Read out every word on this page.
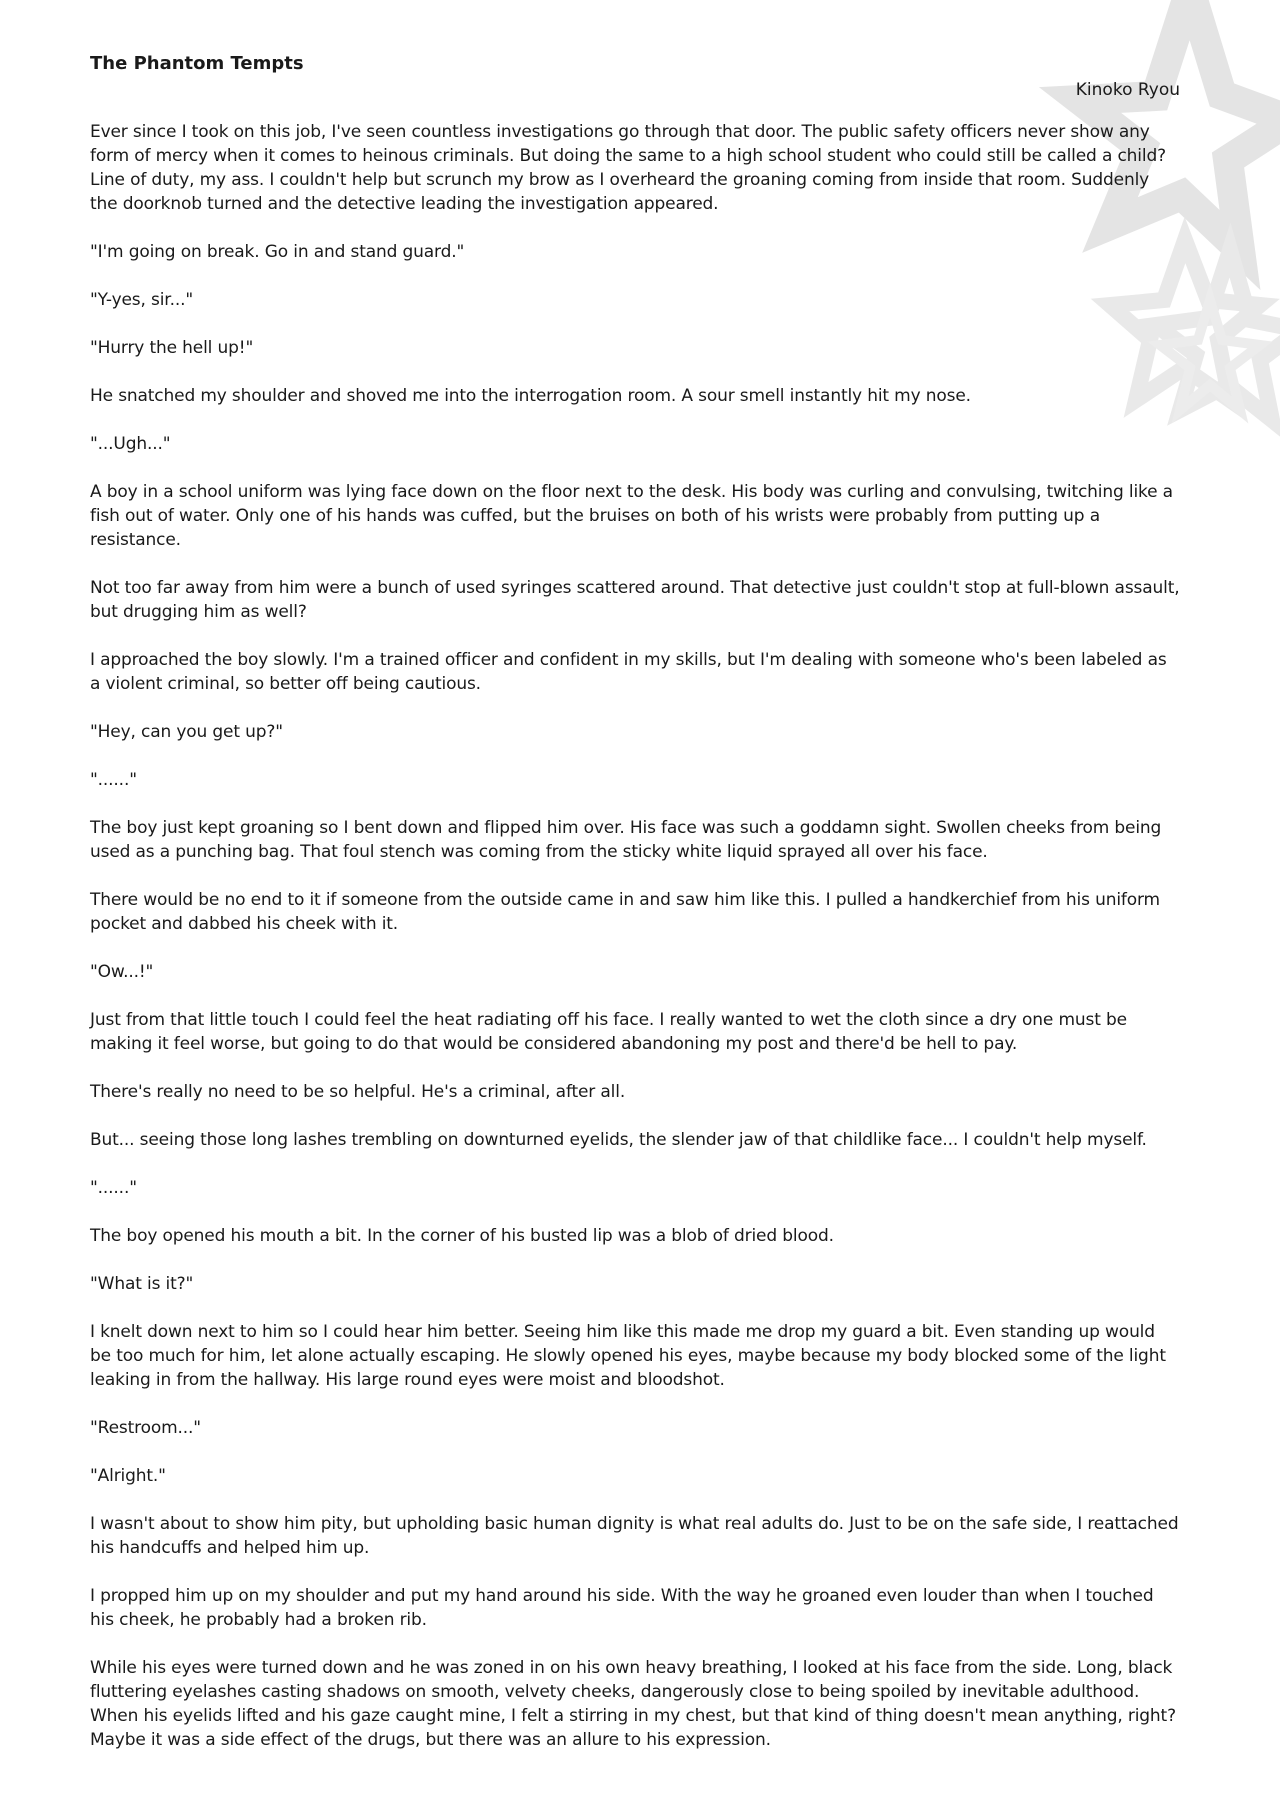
The Phantom Tempts

Kinoko Ryou

Ever since I took on this job, I've seen countless investigations go through that door. The public safety officers never show any form of mercy when it comes to heinous criminals. But doing the same to a high school student who could still be called a child? Line of duty, my ass. I couldn't help but scrunch my brow as I overheard the groaning coming from inside that room. Suddenly the doorknob turned and the detective leading the investigation appeared.

"I'm going on break. Go in and stand guard."

"Y-yes, sir..."

"Hurry the hell up!"

He snatched my shoulder and shoved me into the interrogation room. A sour smell instantly hit my nose.

"...Ugh..."

A boy in a school uniform was lying face down on the floor next to the desk. His body was curling and convulsing, twitching like a fish out of water. Only one of his hands was cuffed, but the bruises on both of his wrists were probably from putting up a resistance.

Not too far away from him were a bunch of used syringes scattered around. That detective just couldn't stop at full-blown assault, but drugging him as well?

I approached the boy slowly. I'm a trained officer and confident in my skills, but I'm dealing with someone who's been labeled as a violent criminal, so better off being cautious.

"Hey, can you get up?"

"......"

The boy just kept groaning so I bent down and flipped him over. His face was such a goddamn sight. Swollen cheeks from being used as a punching bag. That foul stench was coming from the sticky white liquid sprayed all over his face.

There would be no end to it if someone from the outside came in and saw him like this. I pulled a handkerchief from his uniform pocket and dabbed his cheek with it.

"Ow...!"

Just from that little touch I could feel the heat radiating off his face. I really wanted to wet the cloth since a dry one must be making it feel worse, but going to do that would be considered abandoning my post and there'd be hell to pay.

There's really no need to be so helpful. He's a criminal, after all.

But... seeing those long lashes trembling on downturned eyelids, the slender jaw of that childlike face... I couldn't help myself.

"......"

The boy opened his mouth a bit. In the corner of his busted lip was a blob of dried blood.

"What is it?"

I knelt down next to him so I could hear him better. Seeing him like this made me drop my guard a bit. Even standing up would be too much for him, let alone actually escaping. He slowly opened his eyes, maybe because my body blocked some of the light leaking in from the hallway. His large round eyes were moist and bloodshot.

"Restroom..."

"Alright."

I wasn't about to show him pity, but upholding basic human dignity is what real adults do. Just to be on the safe side, I reattached his handcuffs and helped him up.

I propped him up on my shoulder and put my hand around his side. With the way he groaned even louder than when I touched his cheek, he probably had a broken rib.

While his eyes were turned down and he was zoned in on his own heavy breathing, I looked at his face from the side. Long, black fluttering eyelashes casting shadows on smooth, velvety cheeks, dangerously close to being spoiled by inevitable adulthood. When his eyelids lifted and his gaze caught mine, I felt a stirring in my chest, but that kind of thing doesn't mean anything, right? Maybe it was a side effect of the drugs, but there was an allure to his expression.
